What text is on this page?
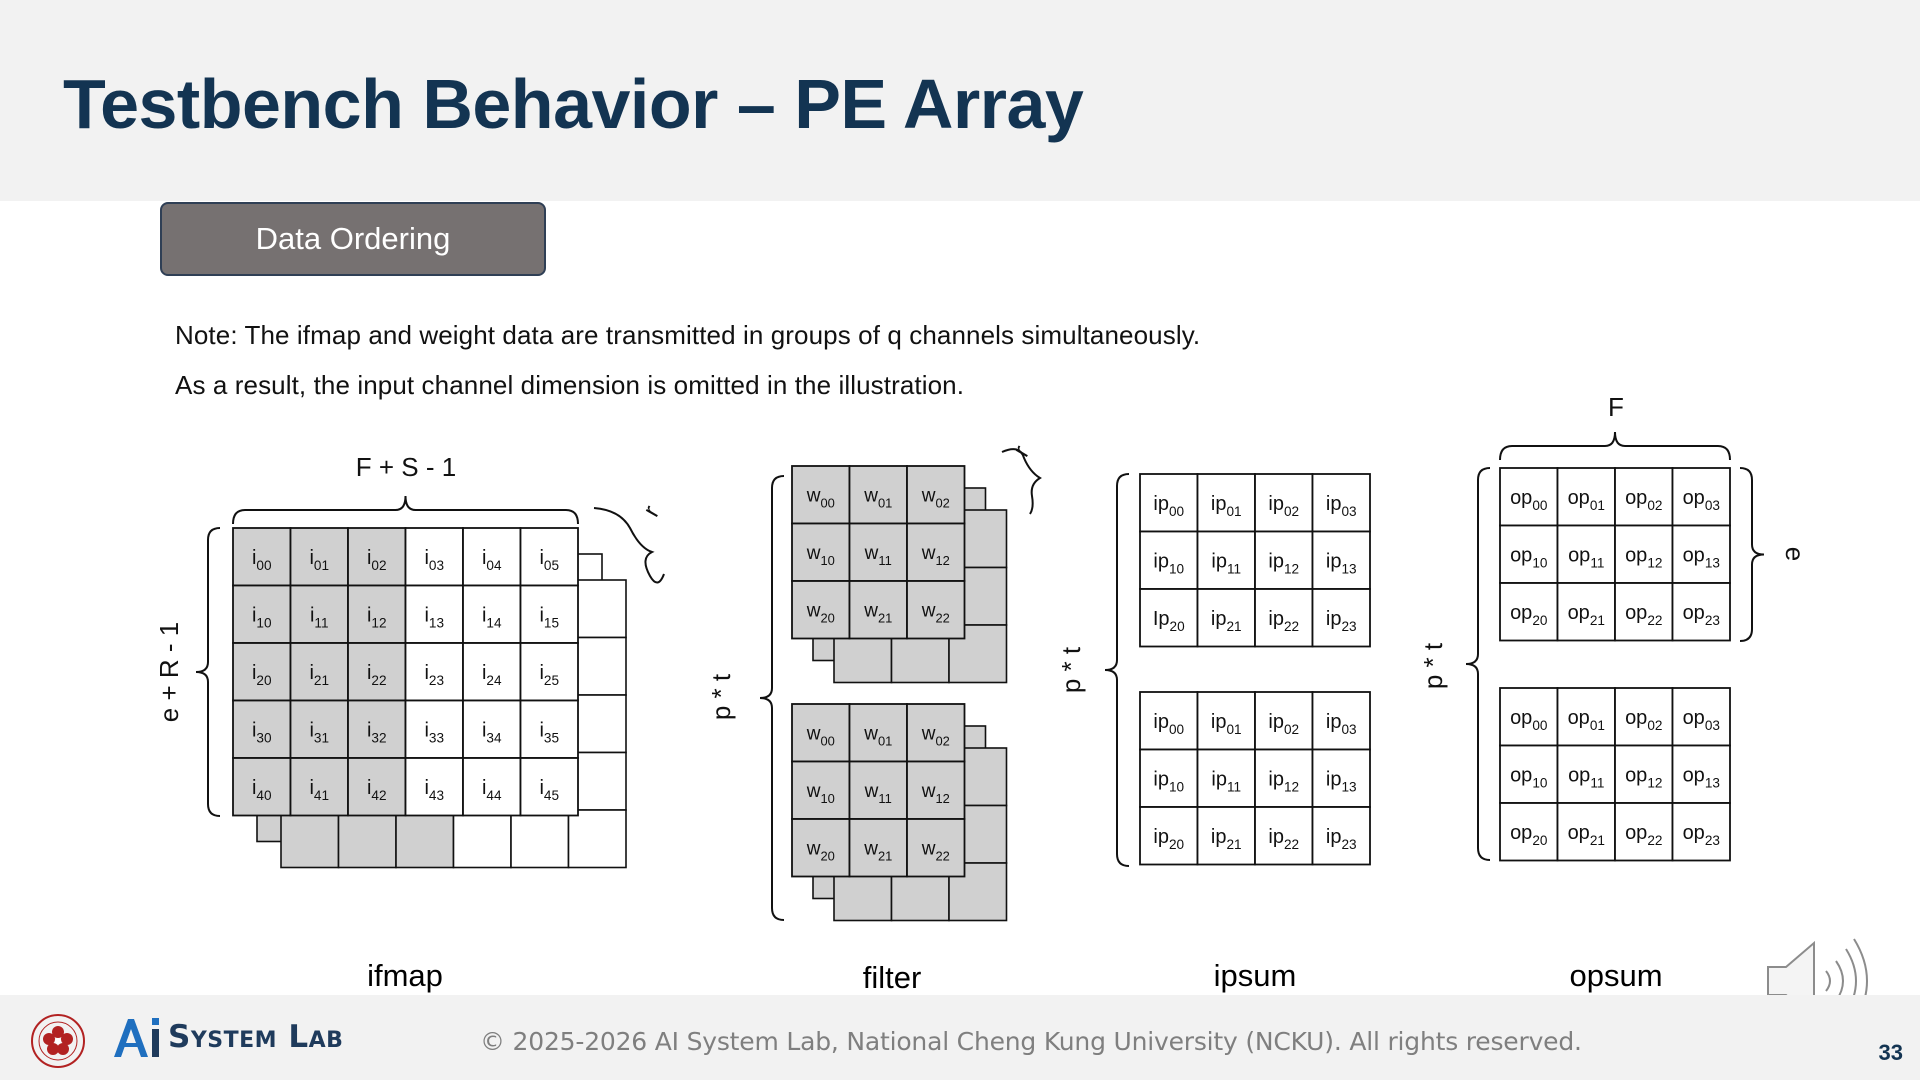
Testbench Behavior – PE Array
Data Ordering

Note: The ifmap and weight data are transmitted in groups of q channels simultaneously.

As a result, the input channel dimension is omitted in the illustration.

$i_{00}$ $i_{01}$ $i_{02}$ $i_{03}$ $i_{04}$ $i_{05}$
$i_{10}$ $i_{11}$ $i_{12}$ $i_{13}$ $i_{14}$ $i_{15}$
$i_{20}$ $i_{21}$ $i_{22}$ $i_{23}$ $i_{24}$ $i_{25}$
$i_{30}$ $i_{31}$ $i_{32}$ $i_{33}$ $i_{34}$ $i_{35}$
$i_{40}$ $i_{41}$ $i_{42}$ $i_{43}$ $i_{44}$ $i_{45}$
F + S - 1
e + R - 1
r
$w_{00}$ $w_{01}$ $w_{02}$
$w_{10}$ $w_{11}$ $w_{12}$
$w_{20}$ $w_{21}$ $w_{22}$
$w_{00}$ $w_{01}$ $w_{02}$
$w_{10}$ $w_{11}$ $w_{12}$
$w_{20}$ $w_{21}$ $w_{22}$
p * t
r
$ip_{00}$ $ip_{01}$ $ip_{02}$ $ip_{03}$
$ip_{10}$ $ip_{11}$ $ip_{12}$ $ip_{13}$
$Ip_{20}$ $ip_{21}$ $ip_{22}$ $ip_{23}$
$ip_{00}$ $ip_{01}$ $ip_{02}$ $ip_{03}$
$ip_{10}$ $ip_{11}$ $ip_{12}$ $ip_{13}$
$ip_{20}$ $ip_{21}$ $ip_{22}$ $ip_{23}$
p * t
$op_{00}$ $op_{01}$ $op_{02}$ $op_{03}$
$op_{10}$ $op_{11}$ $op_{12}$ $op_{13}$
$op_{20}$ $op_{21}$ $op_{22}$ $op_{23}$
$op_{00}$ $op_{01}$ $op_{02}$ $op_{03}$
$op_{10}$ $op_{11}$ $op_{12}$ $op_{13}$
$op_{20}$ $op_{21}$ $op_{22}$ $op_{23}$
F
p * t
e
ifmap	filter	ipsum	opsum
System Lab	© 2025-2026 AI System Lab, National Cheng Kung University (NCKU). All rights reserved.	33
